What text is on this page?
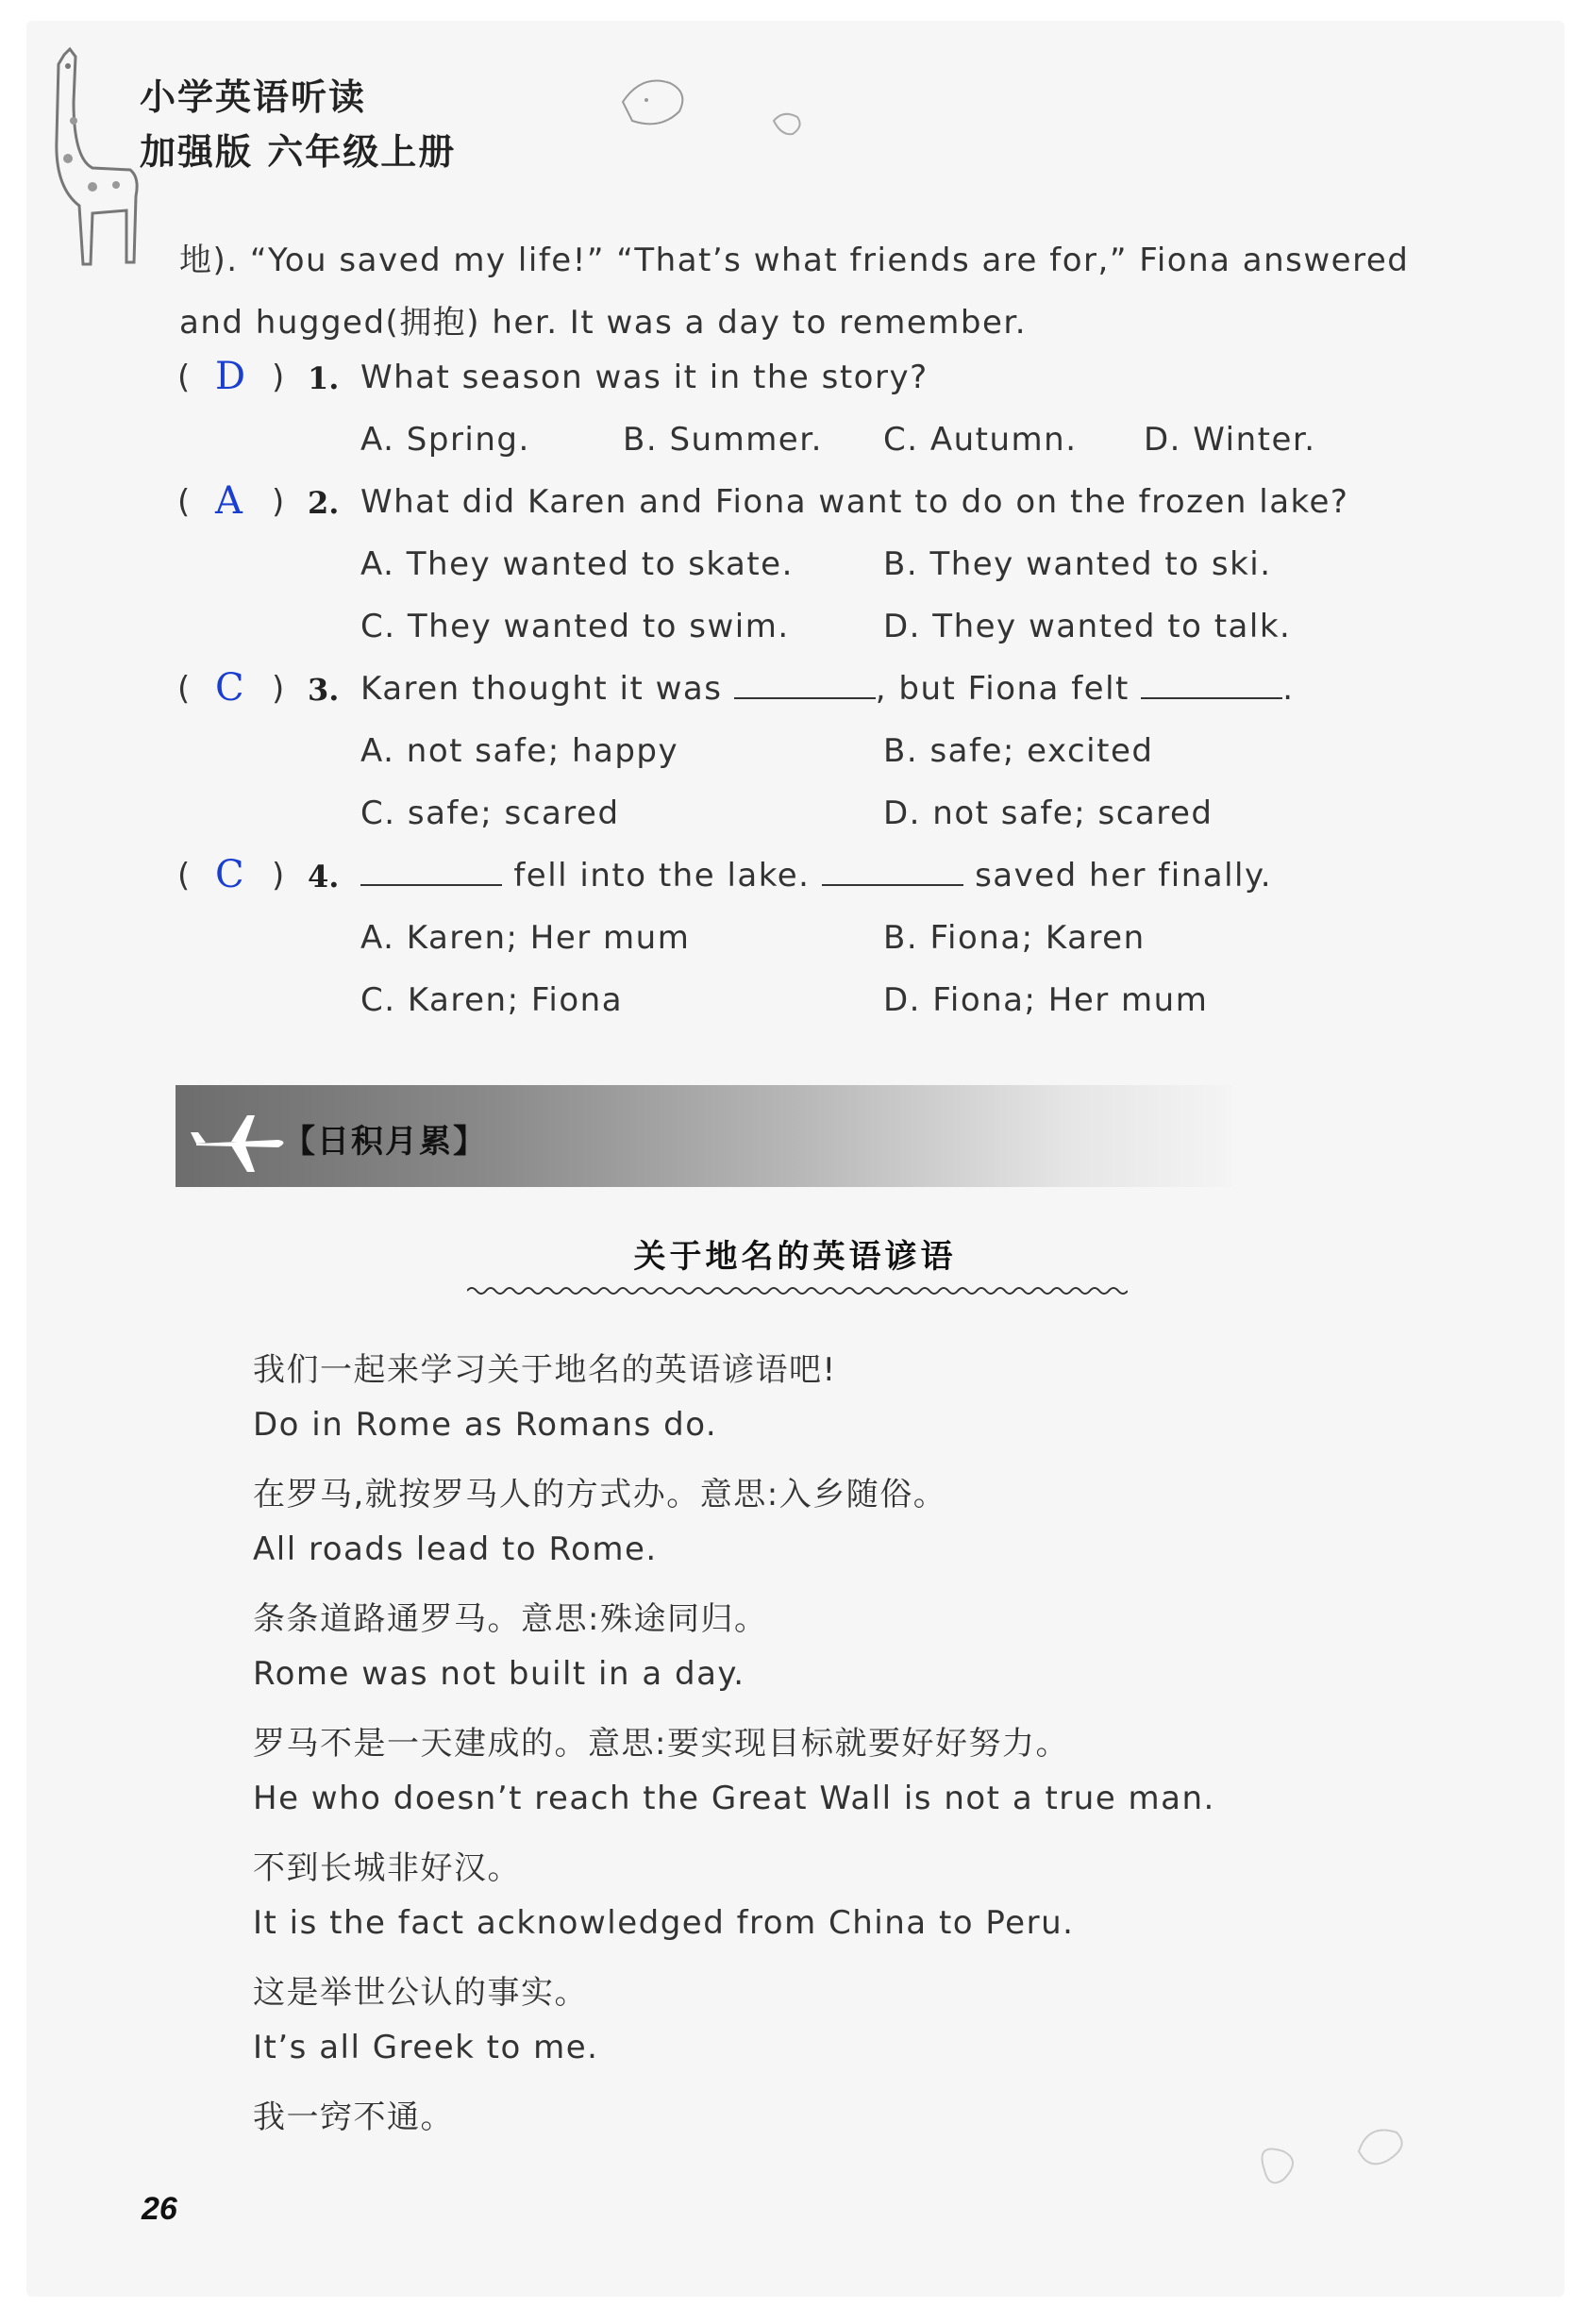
小学英语听读
加强版 六年级上册
地). “You saved my life!” “That’s what friends are for,” Fiona answered
and hugged(拥抱) her. It was a day to remember.
( D ) 1. What season was it in the story?
A. Spring.	B. Summer. C. Autumn. D. Winter.
( A ) 2. What did Karen and Fiona want to do on the frozen lake?
A. They wanted to skate.	B. They wanted to ski.
C. They wanted to swim.	D. They wanted to talk.
( C ) 3. Karen thought it was	, but Fiona felt	.
A. not safe; happy	B. safe; excited
C. safe; scared	D. not safe; scared
( C ) 4.	fell into the lake.	saved her finally.
A. Karen; Her mum	B. Fiona; Karen
C. Karen; Fiona	D. Fiona; Her mum
【日积月累】
关于地名的英语谚语
我们一起来学习关于地名的英语谚语吧!
Do in Rome as Romans do.
在罗马,就按罗马人的方式办。意思:入乡随俗。
All roads lead to Rome.
条条道路通罗马。意思:殊途同归。
Rome was not built in a day.
罗马不是一天建成的。意思:要实现目标就要好好努力。
He who doesn’t reach the Great Wall is not a true man.
不到长城非好汉。
It is the fact acknowledged from China to Peru.
这是举世公认的事实。
It’s all Greek to me.
我一窍不通。
26
